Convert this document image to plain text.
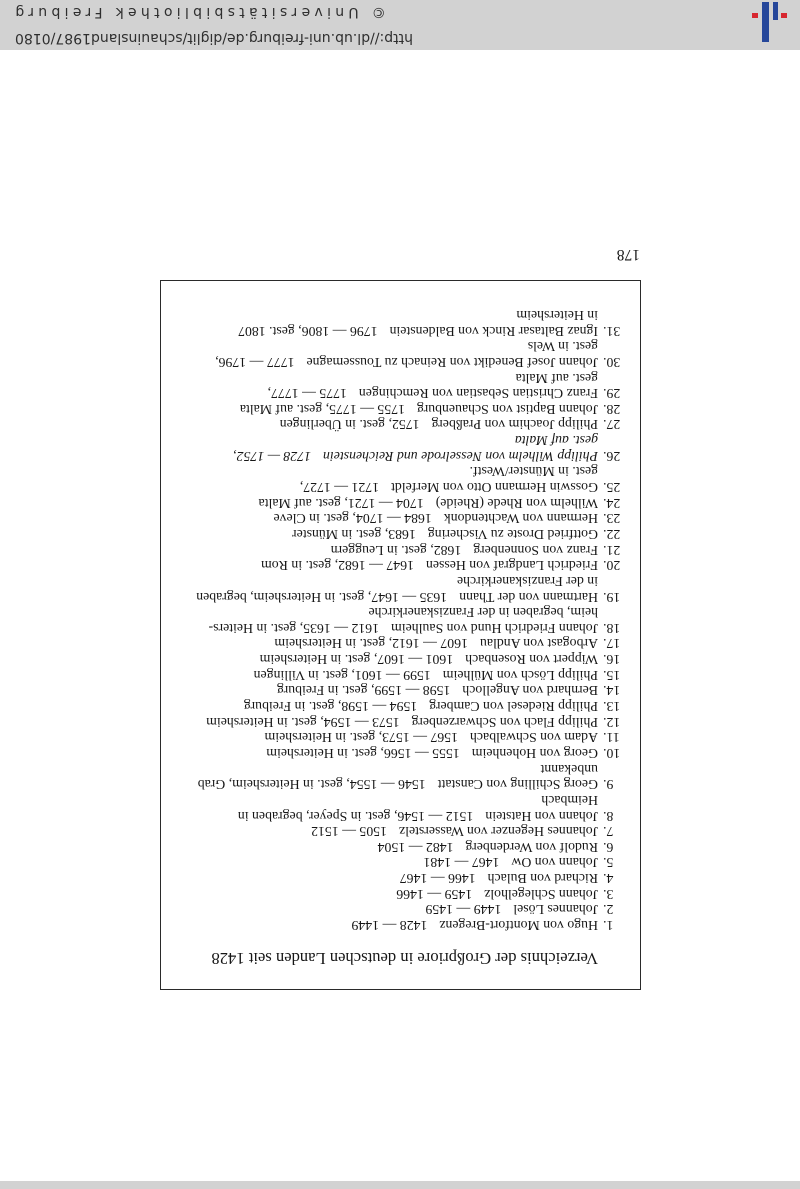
Verzeichnis der Großpriore in deutschen Landen seit 1428
1.Hugo von Montfort-Bregenz1428 — 1449
2.Johannes Lösel1449 — 1459
3.Johann Schlegelholz1459 — 1466
4.Richard von Bulach1466 — 1467
5.Johann von Ow1467 — 1481
6.Rudolf von Werdenberg1482 — 1504
7.Johannes Hegenzer von Wasserstelz1505 — 1512
8.Johann von Hatstein1512 — 1546, gest. in Speyer, begraben in
Heimbach
9.Georg Schilling von Canstatt1546 — 1554, gest. in Heitersheim, Grab
unbekannt
10.Georg von Hohenheim1555 — 1566, gest. in Heitersheim
11.Adam von Schwalbach1567 — 1573, gest. in Heitersheim
12.Philipp Flach von Schwarzenberg1573 — 1594, gest. in Heitersheim
13.Philipp Riedesel von Camberg1594 — 1598, gest. in Freiburg
14.Bernhard von Angelloch1598 — 1599, gest. in Freiburg
15.Philipp Lösch von Mülheim1599 — 1601, gest. in Villingen
16.Wippert von Rosenbach1601 — 1607, gest. in Heitersheim
17.Arbogast von Andlau1607 — 1612, gest. in Heitersheim
18.Johann Friedrich Hund von Saulheim1612 — 1635, gest. in Heiters-
heim, begraben in der Franziskanerkirche
19.Hartmann von der Thann1635 — 1647, gest. in Heitersheim, begraben
in der Franziskanerkirche
20.Friedrich Landgraf von Hessen1647 — 1682, gest. in Rom
21.Franz von Sonnenberg1682, gest. in Leuggern
22.Gottfried Droste zu Vischering1683, gest. in Münster
23.Hermann von Wachtendonk1684 — 1704, gest. in Cleve
24.Wilhelm von Rhede (Rheide)1704 — 1721, gest. auf Malta
25.Gosswin Hermann Otto von Merfeldt1721 — 1727,
gest. in Münster/Westf.
26.Philipp Wilhelm von Nesselrode und Reichenstein1728 — 1752,
gest. auf Malta
27.Philipp Joachim von Praßberg1752, gest. in Überlingen
28.Johann Baptist von Schauenburg1755 — 1775, gest. auf Malta
29.Franz Christian Sebastian von Remchingen1775 — 1777,
gest. auf Malta
30.Johann Josef Benedikt von Reinach zu Toussemagne1777 — 1796,
gest. in Wels
31.Ignaz Baltasar Rinck von Baldenstein1796 — 1806, gest. 1807
in Heitersheim
178
http://dl.ub.uni-freiburg.de/diglit/schauinsland1987/0180
© Universitätsbibliothek Freiburg
